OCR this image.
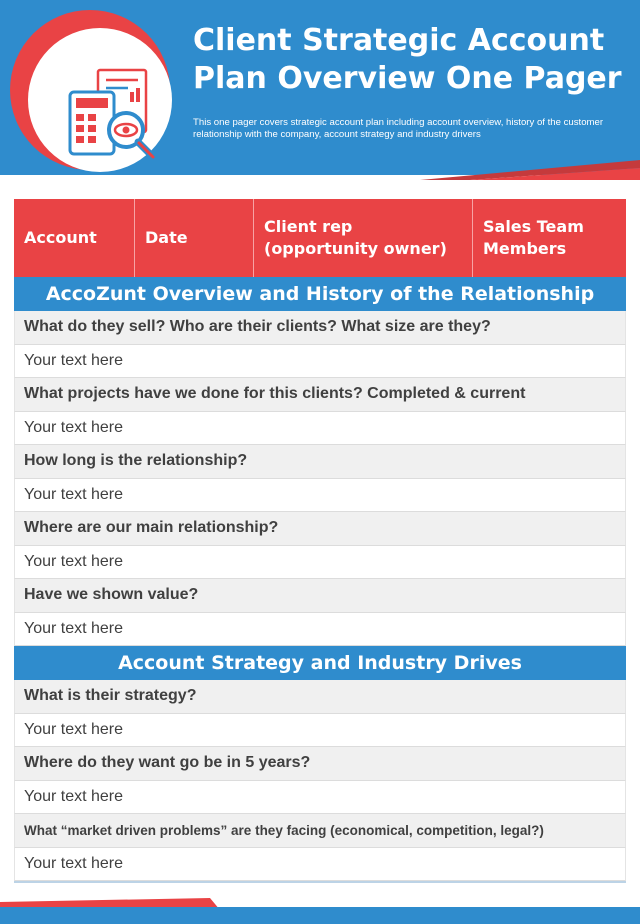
Client Strategic Account
Plan Overview One Pager
This one pager covers strategic account plan including account overview, history of the customer relationship with the company, account strategy and industry drivers
Account	Date
Client rep (opportunity owner)
Sales Team Members
AccoZunt Overview and History of the Relationship
What do they sell? Who are their clients? What size are they?
Your text here
What projects have we done for this clients? Completed & current
Your text here
How long is the relationship?
Your text here
Where are our main relationship?
Your text here
Have we shown value?
Your text here
Account Strategy and Industry Drives
What is their strategy?
Your text here
Where do they want go be in 5 years?
Your text here
What “market driven problems” are they facing (economical, competition, legal?)
Your text here
